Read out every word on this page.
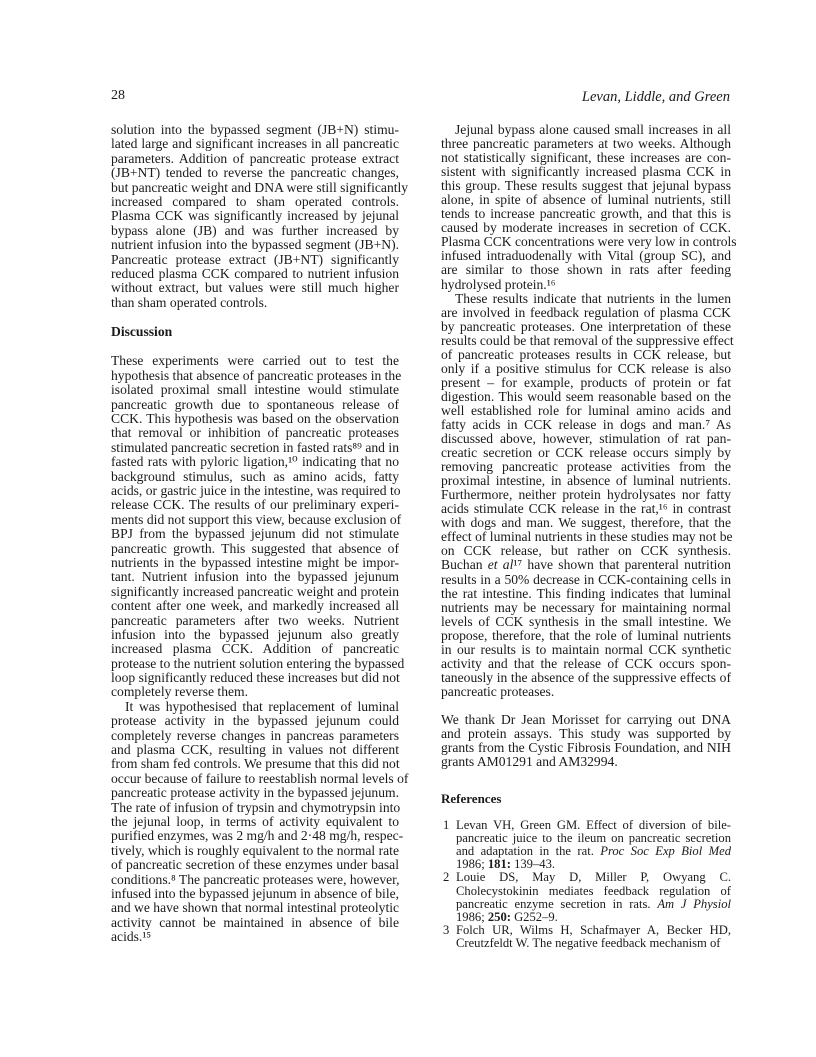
28	Levan, Liddle, and Green
solution into the bypassed segment (JB+N) stimu-
lated large and significant increases in all pancreatic
parameters. Addition of pancreatic protease extract
(JB+NT) tended to reverse the pancreatic changes,
but pancreatic weight and DNA were still significantly
increased compared to sham operated controls.
Plasma CCK was significantly increased by jejunal
bypass alone (JB) and was further increased by
nutrient infusion into the bypassed segment (JB+N).
Pancreatic protease extract (JB+NT) significantly
reduced plasma CCK compared to nutrient infusion
without extract, but values were still much higher
than sham operated controls.
Discussion
These experiments were carried out to test the
hypothesis that absence of pancreatic proteases in the
isolated proximal small intestine would stimulate
pancreatic growth due to spontaneous release of
CCK. This hypothesis was based on the observation
that removal or inhibition of pancreatic proteases
stimulated pancreatic secretion in fasted rats⁸⁹ and in
fasted rats with pyloric ligation,¹⁰ indicating that no
background stimulus, such as amino acids, fatty
acids, or gastric juice in the intestine, was required to
release CCK. The results of our preliminary experi-
ments did not support this view, because exclusion of
BPJ from the bypassed jejunum did not stimulate
pancreatic growth. This suggested that absence of
nutrients in the bypassed intestine might be impor-
tant. Nutrient infusion into the bypassed jejunum
significantly increased pancreatic weight and protein
content after one week, and markedly increased all
pancreatic parameters after two weeks. Nutrient
infusion into the bypassed jejunum also greatly
increased plasma CCK. Addition of pancreatic
protease to the nutrient solution entering the bypassed
loop significantly reduced these increases but did not
completely reverse them.
It was hypothesised that replacement of luminal
protease activity in the bypassed jejunum could
completely reverse changes in pancreas parameters
and plasma CCK, resulting in values not different
from sham fed controls. We presume that this did not
occur because of failure to reestablish normal levels of
pancreatic protease activity in the bypassed jejunum.
The rate of infusion of trypsin and chymotrypsin into
the jejunal loop, in terms of activity equivalent to
purified enzymes, was 2 mg/h and 2·48 mg/h, respec-
tively, which is roughly equivalent to the normal rate
of pancreatic secretion of these enzymes under basal
conditions.⁸ The pancreatic proteases were, however,
infused into the bypassed jejunum in absence of bile,
and we have shown that normal intestinal proteolytic
activity cannot be maintained in absence of bile
acids.¹⁵
Jejunal bypass alone caused small increases in all
three pancreatic parameters at two weeks. Although
not statistically significant, these increases are con-
sistent with significantly increased plasma CCK in
this group. These results suggest that jejunal bypass
alone, in spite of absence of luminal nutrients, still
tends to increase pancreatic growth, and that this is
caused by moderate increases in secretion of CCK.
Plasma CCK concentrations were very low in controls
infused intraduodenally with Vital (group SC), and
are similar to those shown in rats after feeding
hydrolysed protein.¹⁶
These results indicate that nutrients in the lumen
are involved in feedback regulation of plasma CCK
by pancreatic proteases. One interpretation of these
results could be that removal of the suppressive effect
of pancreatic proteases results in CCK release, but
only if a positive stimulus for CCK release is also
present – for example, products of protein or fat
digestion. This would seem reasonable based on the
well established role for luminal amino acids and
fatty acids in CCK release in dogs and man.⁷ As
discussed above, however, stimulation of rat pan-
creatic secretion or CCK release occurs simply by
removing pancreatic protease activities from the
proximal intestine, in absence of luminal nutrients.
Furthermore, neither protein hydrolysates nor fatty
acids stimulate CCK release in the rat,¹⁶ in contrast
with dogs and man. We suggest, therefore, that the
effect of luminal nutrients in these studies may not be
on CCK release, but rather on CCK synthesis.
Buchan et al¹⁷ have shown that parenteral nutrition
results in a 50% decrease in CCK-containing cells in
the rat intestine. This finding indicates that luminal
nutrients may be necessary for maintaining normal
levels of CCK synthesis in the small intestine. We
propose, therefore, that the role of luminal nutrients
in our results is to maintain normal CCK synthetic
activity and that the release of CCK occurs spon-
taneously in the absence of the suppressive effects of
pancreatic proteases.
We thank Dr Jean Morisset for carrying out DNA
and protein assays. This study was supported by
grants from the Cystic Fibrosis Foundation, and NIH
grants AM01291 and AM32994.
References
1 Levan VH, Green GM. Effect of diversion of bile-pancreatic juice to the ileum on pancreatic secretion and adaptation in the rat. Proc Soc Exp Biol Med 1986; 181: 139–43.
2 Louie DS, May D, Miller P, Owyang C. Cholecystokinin mediates feedback regulation of pancreatic enzyme secretion in rats. Am J Physiol 1986; 250: G252–9.
3 Folch UR, Wilms H, Schafmayer A, Becker HD, Creutzfeldt W. The negative feedback mechanism of
